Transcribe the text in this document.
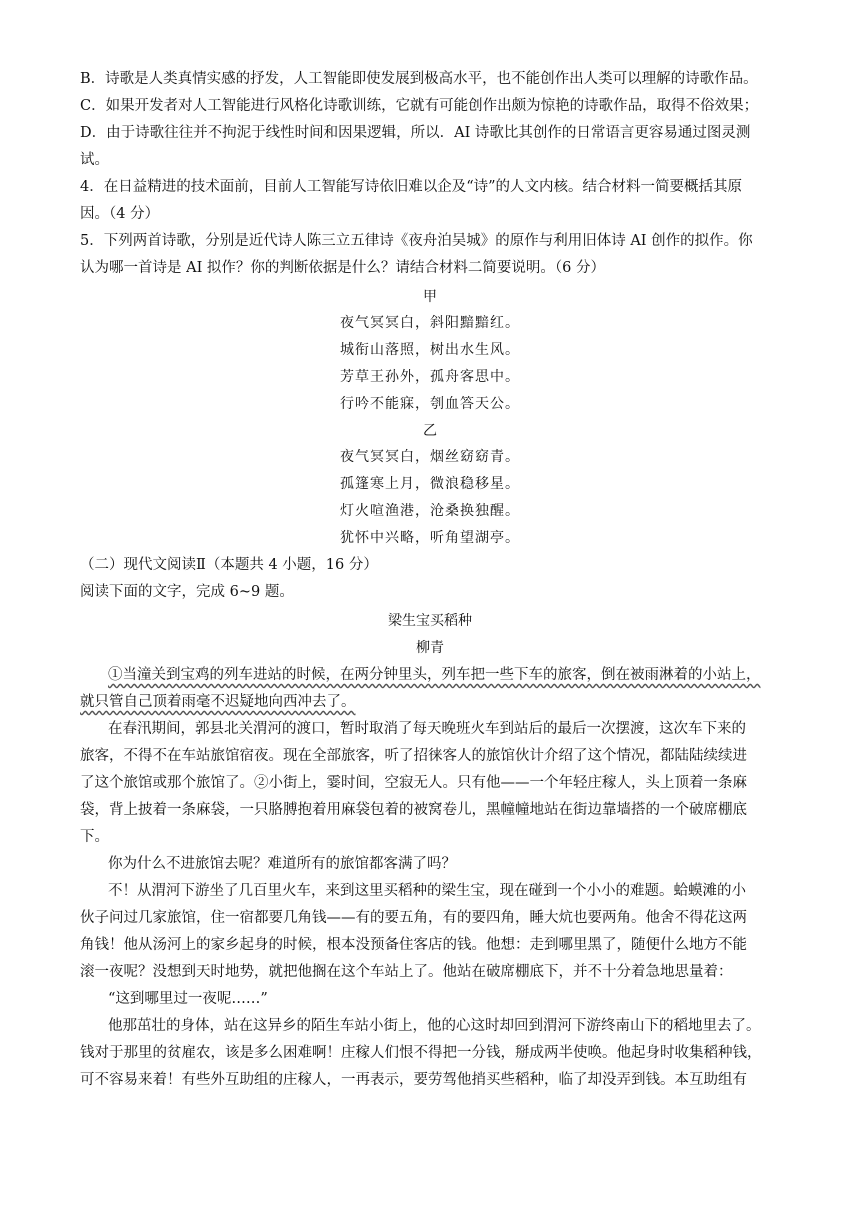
B．诗歌是人类真情实感的抒发，人工智能即使发展到极高水平，也不能创作出人类可以理解的诗歌作品。

C．如果开发者对人工智能进行风格化诗歌训练，它就有可能创作出颇为惊艳的诗歌作品，取得不俗效果；

D．由于诗歌往往并不拘泥于线性时间和因果逻辑，所以．AI 诗歌比其创作的日常语言更容易通过图灵测

试。

4．在日益精进的技术面前，目前人工智能写诗依旧难以企及“诗”的人文内核。结合材料一简要概括其原

因。（4 分）

5．下列两首诗歌，分别是近代诗人陈三立五律诗《夜舟泊吴城》的原作与利用旧体诗 AI 创作的拟作。你

认为哪一首诗是 AI 拟作？你的判断依据是什么？请结合材料二简要说明。（6 分）

甲
夜气冥冥白，斜阳黯黯红。
城衔山落照，树出水生风。
芳草王孙外，孤舟客思中。
行吟不能寐，刳血答天公。
乙
夜气冥冥白，烟丝窈窈青。
孤篷寒上月，微浪稳移星。
灯火喧渔港，沧桑换独醒。
犹怀中兴略，听角望湖亭。

（二）现代文阅读Ⅱ（本题共 4 小题，16 分）

阅读下面的文字，完成 6~9 题。

梁生宝买稻种
柳青

①当潼关到宝鸡的列车进站的时候，在两分钟里头，列车把一些下车的旅客，倒在被雨淋着的小站上，

就只管自己顶着雨毫不迟疑地向西冲去了。

在春汛期间，郭县北关渭河的渡口，暂时取消了每天晚班火车到站后的最后一次摆渡，这次车下来的

旅客，不得不在车站旅馆宿夜。现在全部旅客，听了招徕客人的旅馆伙计介绍了这个情况，都陆陆续续进

了这个旅馆或那个旅馆了。②小街上，霎时间，空寂无人。只有他——一个年轻庄稼人，头上顶着一条麻

袋，背上披着一条麻袋，一只胳膊抱着用麻袋包着的被窝卷儿，黑幢幢地站在街边靠墙搭的一个破席棚底

下。

你为什么不进旅馆去呢？难道所有的旅馆都客满了吗？

不！从渭河下游坐了几百里火车，来到这里买稻种的梁生宝，现在碰到一个小小的难题。蛤蟆滩的小

伙子问过几家旅馆，住一宿都要几角钱——有的要五角，有的要四角，睡大炕也要两角。他舍不得花这两

角钱！他从汤河上的家乡起身的时候，根本没预备住客店的钱。他想：走到哪里黑了，随便什么地方不能

滚一夜呢？没想到天时地势，就把他搁在这个车站上了。他站在破席棚底下，并不十分着急地思量着：

“这到哪里过一夜呢……”

他那茁壮的身体，站在这异乡的陌生车站小街上，他的心这时却回到渭河下游终南山下的稻地里去了。

钱对于那里的贫雇农，该是多么困难啊！庄稼人们恨不得把一分钱，掰成两半使唤。他起身时收集稻种钱，

可不容易来着！有些外互助组的庄稼人，一再表示，要劳驾他捎买些稻种，临了却没弄到钱。本互助组有
